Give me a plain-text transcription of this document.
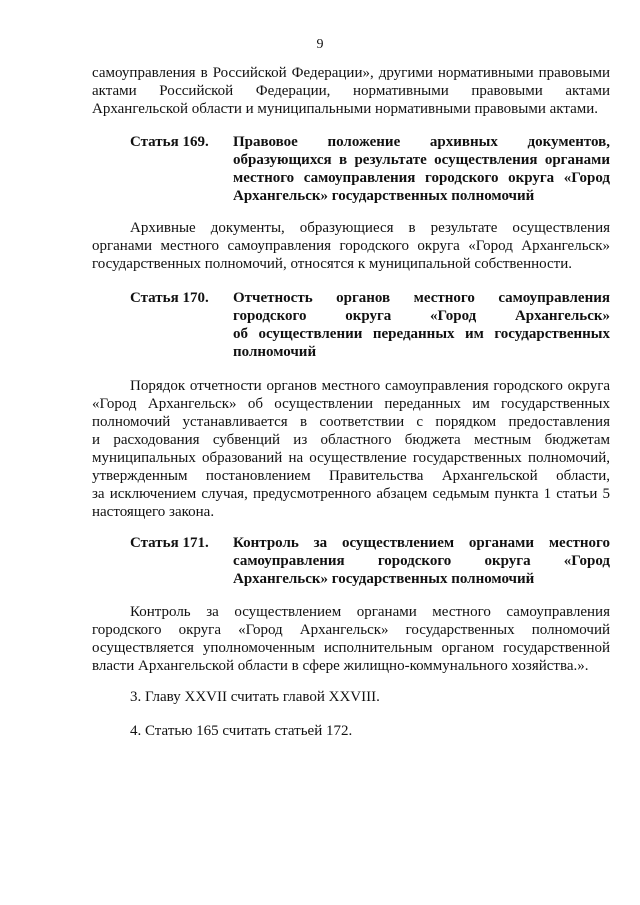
9
самоуправления в Российской Федерации», другими нормативными правовыми
актами Российской Федерации, нормативными правовыми актами
Архангельской области и муниципальными нормативными правовыми актами.
Статья 169. Правовое положение архивных документов,
образующихся в результате осуществления органами
местного самоуправления городского округа «Город
Архангельск» государственных полномочий
Архивные документы, образующиеся в результате осуществления
органами местного самоуправления городского округа «Город Архангельск»
государственных полномочий, относятся к муниципальной собственности.
Статья 170. Отчетность органов местного самоуправления
городского округа «Город Архангельск»
об осуществлении переданных им государственных
полномочий
Порядок отчетности органов местного самоуправления городского округа
«Город Архангельск» об осуществлении переданных им государственных
полномочий устанавливается в соответствии с порядком предоставления
и расходования субвенций из областного бюджета местным бюджетам
муниципальных образований на осуществление государственных полномочий,
утвержденным постановлением Правительства Архангельской области,
за исключением случая, предусмотренного абзацем седьмым пункта 1 статьи 5
настоящего закона.
Статья 171. Контроль за осуществлением органами местного
самоуправления городского округа «Город
Архангельск» государственных полномочий
Контроль за осуществлением органами местного самоуправления
городского округа «Город Архангельск» государственных полномочий
осуществляется уполномоченным исполнительным органом государственной
власти Архангельской области в сфере жилищно-коммунального хозяйства.».
3. Главу XXVII считать главой XXVIII.
4. Статью 165 считать статьей 172.
